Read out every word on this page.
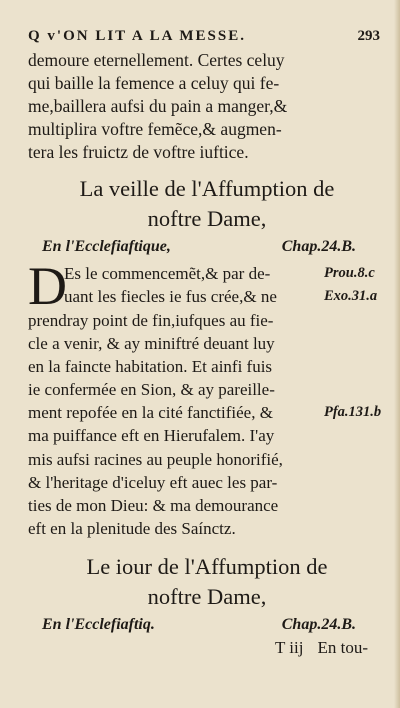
Q v'ON LIT A LA MESSE.	293
demoure eternellement. Certes celuy
qui baille la femence a celuy qui fe-
me,baillera aufsi du pain a manger,&
multiplira voftre femẽce,& augmen-
tera les fruictz de voftre iuftice.
La veille de l'Affumption de
noftre Dame,
En l'Ecclefiaftique,	Chap.24.B.
D
Es le commencemẽt,& par de-
uant les fiecles ie fus crée,& ne
prendray point de fin,iufques au fie-
cle a venir, & ay miniftré deuant luy
en la faincte habitation. Et ainfi fuis
ie confermée en Sion, & ay pareille-
ment repofée en la cité fanctifiée, &
ma puiffance eft en Hierufalem. I'ay
mis aufsi racines au peuple honorifié,
& l'heritage d'iceluy eft auec les par-
ties de mon Dieu: & ma demourance
eft en la plenitude des Saínctz.
Prou.8.c
Exo.31.a
Pfa.131.b
Le iour de l'Affumption de
noftre Dame,
En l'Ecclefiaftiq.	Chap.24.B.
T iij En tou-
